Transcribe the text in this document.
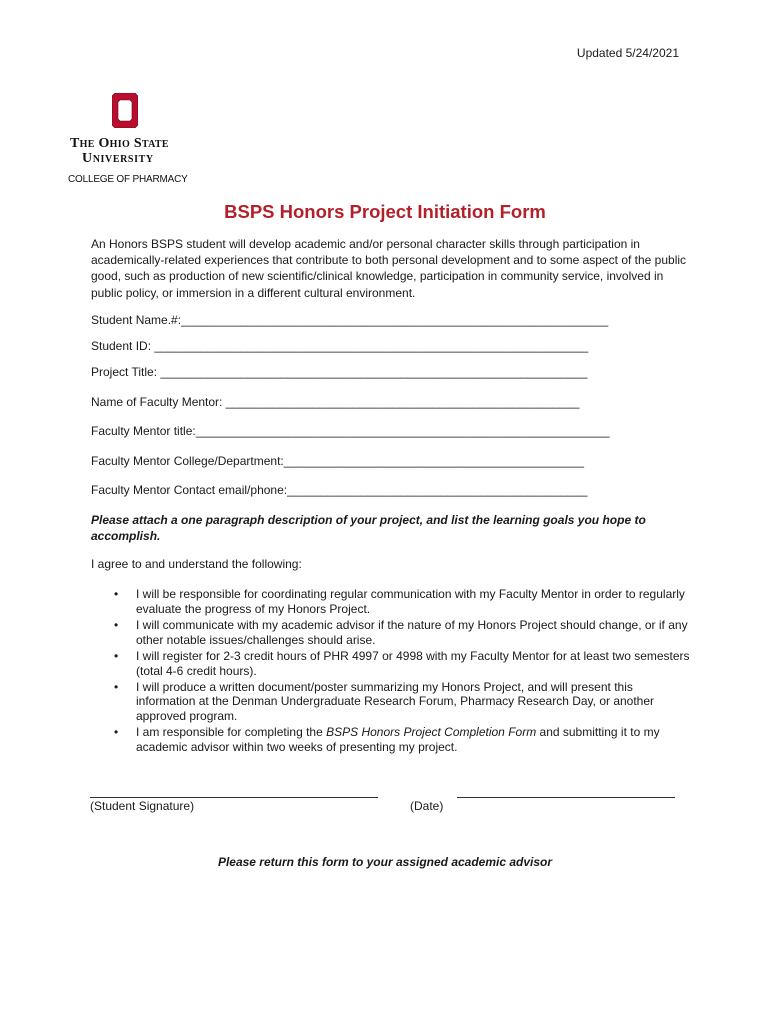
Updated 5/24/2021
The Ohio State
University
COLLEGE OF PHARMACY
BSPS Honors Project Initiation Form
An Honors BSPS student will develop academic and/or personal character skills through participation in academically-related experiences that contribute to both personal development and to some aspect of the public good, such as production of new scientific/clinical knowledge, participation in community service, involved in public policy, or immersion in a different cultural environment.
Student Name.#:________________________________________________________________
Student ID: _________________________________________________________________
Project Title: ________________________________________________________________
Name of Faculty Mentor: _____________________________________________________
Faculty Mentor title:______________________________________________________________
Faculty Mentor College/Department:_____________________________________________
Faculty Mentor Contact email/phone:_____________________________________________
Please attach a one paragraph description of your project, and list the learning goals you hope to accomplish.
I agree to and understand the following:
• I will be responsible for coordinating regular communication with my Faculty Mentor in order to regularly evaluate the progress of my Honors Project.
• I will communicate with my academic advisor if the nature of my Honors Project should change, or if any other notable issues/challenges should arise.
• I will register for 2-3 credit hours of PHR 4997 or 4998 with my Faculty Mentor for at least two semesters (total 4-6 credit hours).
• I will produce a written document/poster summarizing my Honors Project, and will present this information at the Denman Undergraduate Research Forum, Pharmacy Research Day, or another approved program.
• I am responsible for completing the BSPS Honors Project Completion Form and submitting it to my academic advisor within two weeks of presenting my project.
(Student Signature)	(Date)
Please return this form to your assigned academic advisor
